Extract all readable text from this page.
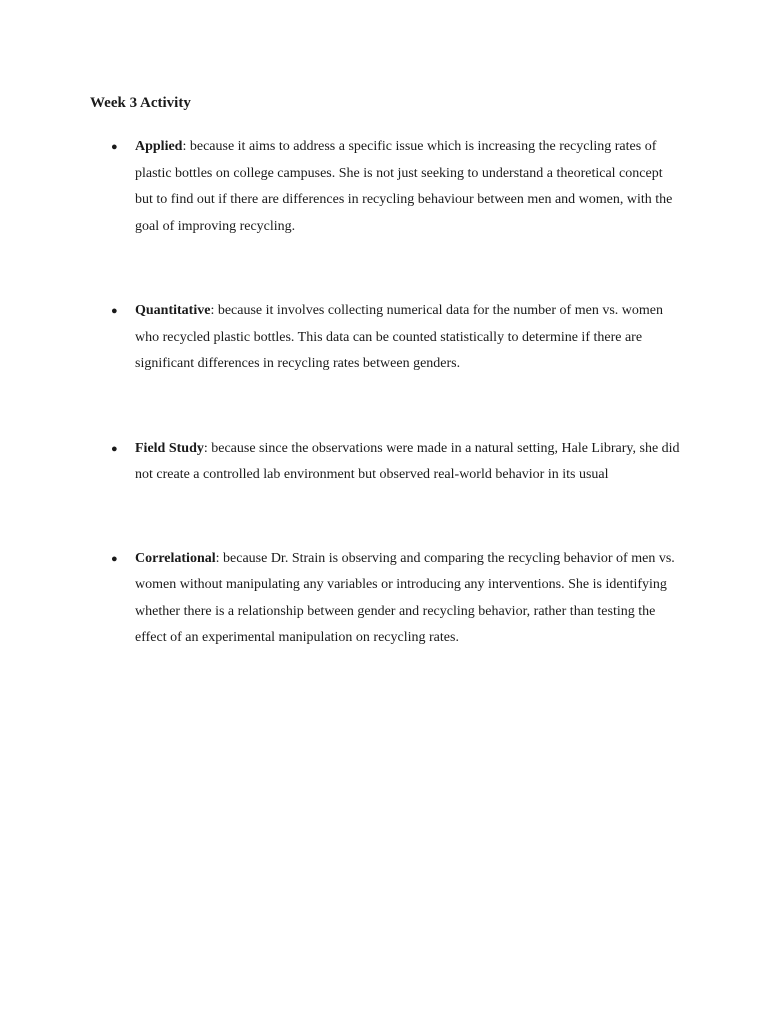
Week 3 Activity
● Applied: because it aims to address a specific issue which is increasing the recycling rates of plastic bottles on college campuses. She is not just seeking to understand a theoretical concept but to find out if there are differences in recycling behaviour between men and women, with the goal of improving recycling.
● Quantitative: because it involves collecting numerical data for the number of men vs. women who recycled plastic bottles. This data can be counted statistically to determine if there are significant differences in recycling rates between genders.
● Field Study: because since the observations were made in a natural setting, Hale Library, she did not create a controlled lab environment but observed real-world behavior in its usual
● Correlational: because Dr. Strain is observing and comparing the recycling behavior of men vs. women without manipulating any variables or introducing any interventions. She is identifying whether there is a relationship between gender and recycling behavior, rather than testing the effect of an experimental manipulation on recycling rates.
